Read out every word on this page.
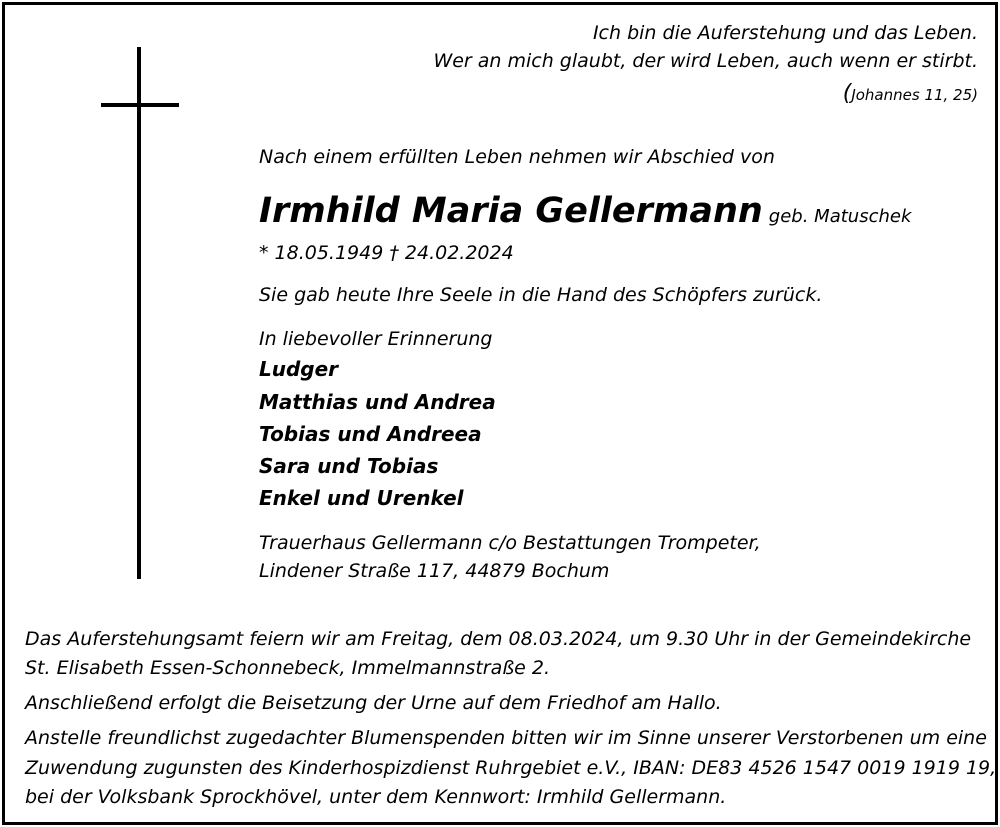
Ich bin die Auferstehung und das Leben.
Wer an mich glaubt, der wird Leben, auch wenn er stirbt.
(Johannes 11, 25)
Nach einem erfüllten Leben nehmen wir Abschied von
Irmhild Maria Gellermann geb. Matuschek
* 18.05.1949 † 24.02.2024
Sie gab heute Ihre Seele in die Hand des Schöpfers zurück.
In liebevoller Erinnerung
Ludger
Matthias und Andrea
Tobias und Andreea
Sara und Tobias
Enkel und Urenkel
Trauerhaus Gellermann c/o Bestattungen Trompeter,
Lindener Straße 117, 44879 Bochum
Das Auferstehungsamt feiern wir am Freitag, dem 08.03.2024, um 9.30 Uhr in der Gemeindekirche
St. Elisabeth Essen-Schonnebeck, Immelmannstraße 2.
Anschließend erfolgt die Beisetzung der Urne auf dem Friedhof am Hallo.
Anstelle freundlichst zugedachter Blumenspenden bitten wir im Sinne unserer Verstorbenen um eine
Zuwendung zugunsten des Kinderhospizdienst Ruhrgebiet e.V., IBAN: DE83 4526 1547 0019 1919 19,
bei der Volksbank Sprockhövel, unter dem Kennwort: Irmhild Gellermann.
